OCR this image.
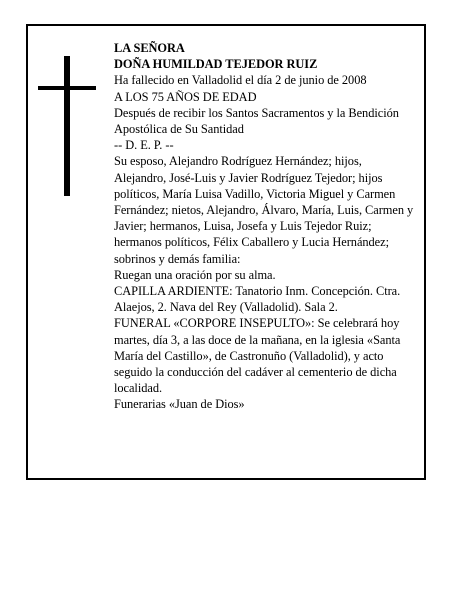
LA SEÑORA

DOÑA HUMILDAD TEJEDOR RUIZ

Ha fallecido en Valladolid el día 2 de junio de 2008

A LOS 75 AÑOS DE EDAD

Después de recibir los Santos Sacramentos y la Bendición Apostólica de Su Santidad

-- D. E. P. --

Su esposo, Alejandro Rodríguez Hernández; hijos, Alejandro, José-Luis y Javier Rodríguez Tejedor; hijos políticos, María Luisa Vadillo, Victoria Miguel y Carmen Fernández; nietos, Alejandro, Álvaro, María, Luis, Carmen y Javier; hermanos, Luisa, Josefa y Luis Tejedor Ruiz; hermanos políticos, Félix Caballero y Lucia Hernández; sobrinos y demás familia:

Ruegan una oración por su alma.

CAPILLA ARDIENTE: Tanatorio Inm. Concepción. Ctra. Alaejos, 2. Nava del Rey (Valladolid). Sala 2.

FUNERAL «CORPORE INSEPULTO»: Se celebrará hoy martes, día 3, a las doce de la mañana, en la iglesia «Santa María del Castillo», de Castronuño (Valladolid), y acto seguido la conducción del cadáver al cementerio de dicha localidad.

Funerarias «Juan de Dios»
